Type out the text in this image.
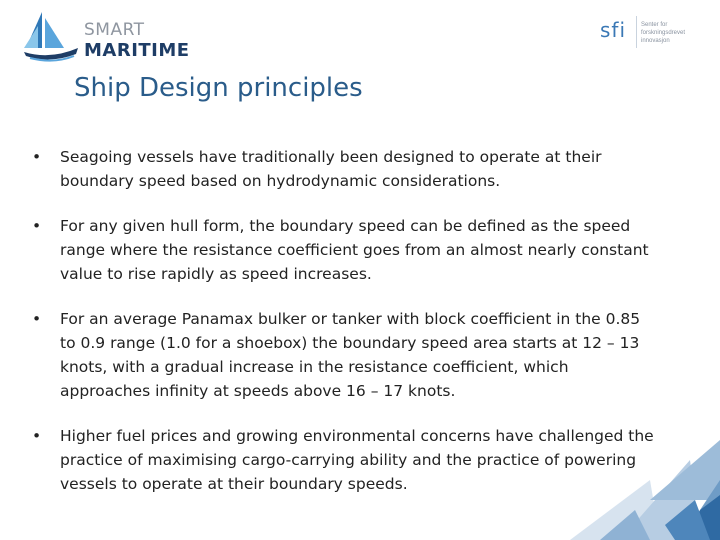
SMART
MARITIME
sfi Senter for
forskningsdrevet
innovasjon
Ship Design principles
• Seagoing vessels have traditionally been designed to operate at their boundary speed based on hydrodynamic considerations.
• For any given hull form, the boundary speed can be defined as the speed range where the resistance coefficient goes from an almost nearly constant value to rise rapidly as speed increases.
• For an average Panamax bulker or tanker with block coefficient in the 0.85 to 0.9 range (1.0 for a shoebox) the boundary speed area starts at 12 – 13 knots, with a gradual increase in the resistance coefficient, which approaches infinity at speeds above 16 – 17 knots.
• Higher fuel prices and growing environmental concerns have challenged the practice of maximising cargo-carrying ability and the practice of powering vessels to operate at their boundary speeds.
